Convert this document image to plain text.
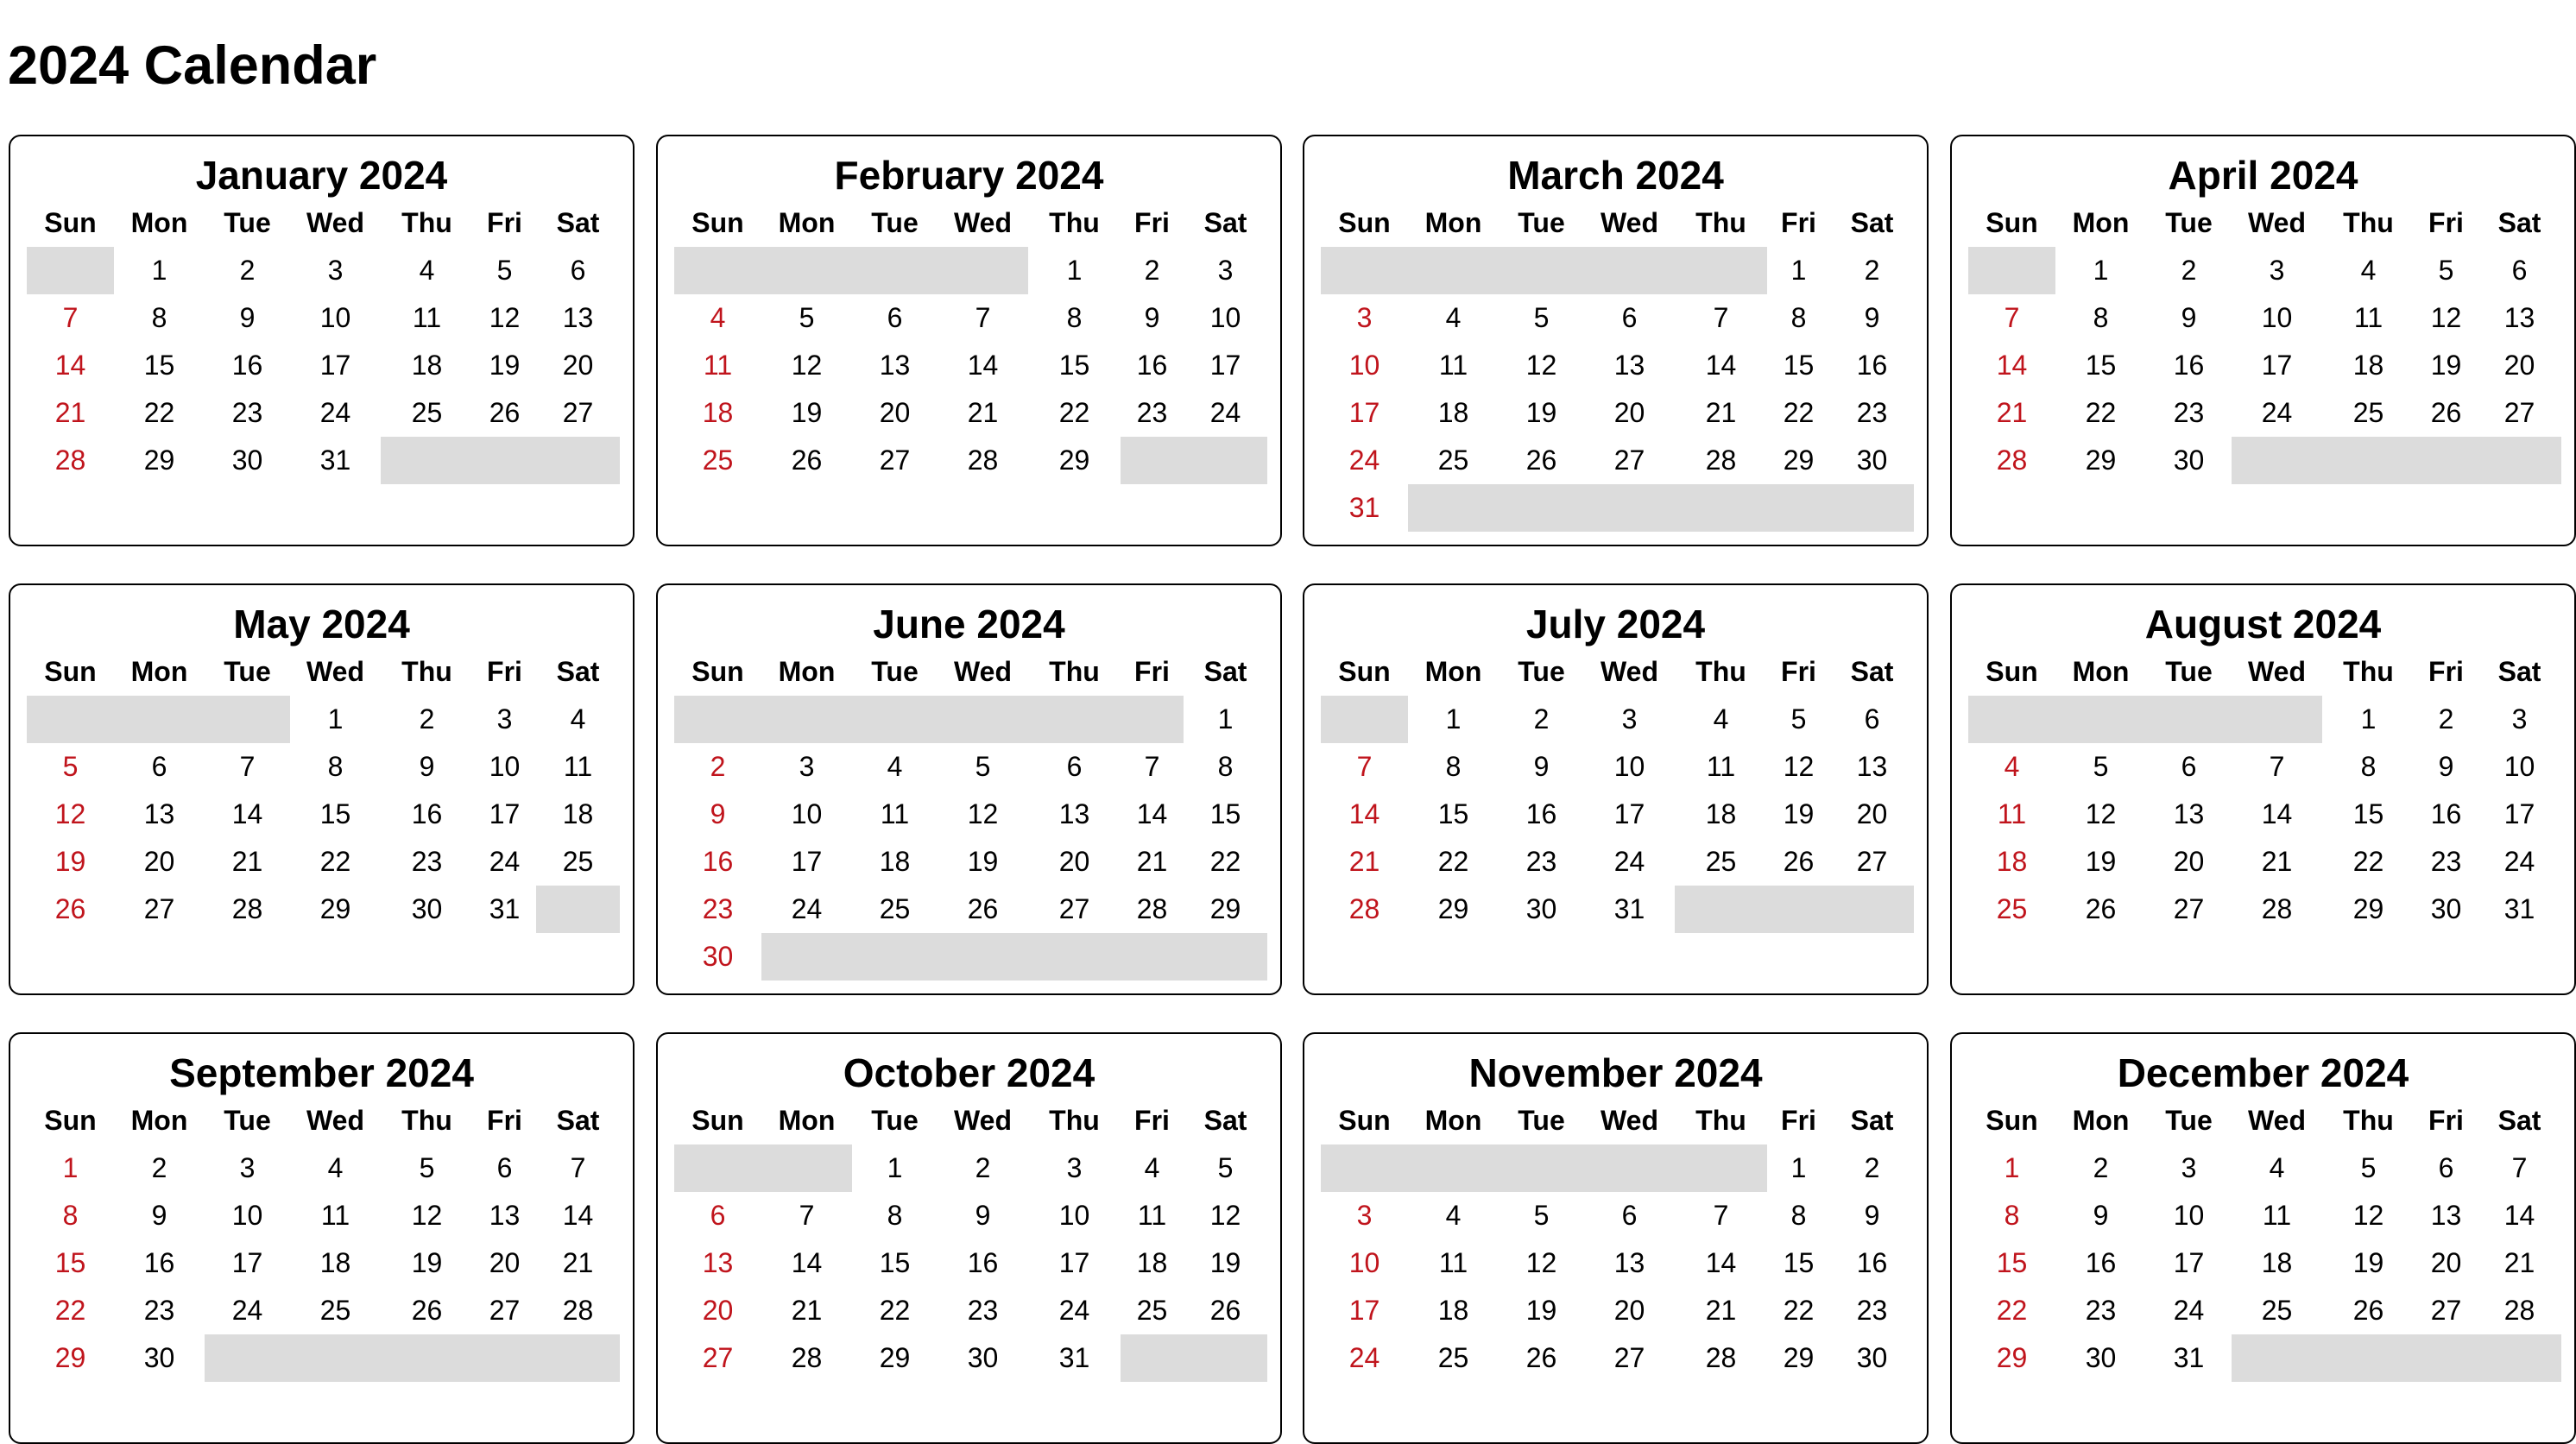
January 2024
Sun	Mon	Tue	Wed	Thu	Fri	Sat
	1	2	3	4	5	6
7	8	9	10	11	12	13
14	15	16	17	18	19	20
21	22	23	24	25	26	27
28	29	30	31			
February 2024
Sun	Mon	Tue	Wed	Thu	Fri	Sat
				1	2	3
4	5	6	7	8	9	10
11	12	13	14	15	16	17
18	19	20	21	22	23	24
25	26	27	28	29		
March 2024
Sun	Mon	Tue	Wed	Thu	Fri	Sat
					1	2
3	4	5	6	7	8	9
10	11	12	13	14	15	16
17	18	19	20	21	22	23
24	25	26	27	28	29	30
31						
April 2024
Sun	Mon	Tue	Wed	Thu	Fri	Sat
	1	2	3	4	5	6
7	8	9	10	11	12	13
14	15	16	17	18	19	20
21	22	23	24	25	26	27
28	29	30				
May 2024
Sun	Mon	Tue	Wed	Thu	Fri	Sat
			1	2	3	4
5	6	7	8	9	10	11
12	13	14	15	16	17	18
19	20	21	22	23	24	25
26	27	28	29	30	31	
June 2024
Sun	Mon	Tue	Wed	Thu	Fri	Sat
						1
2	3	4	5	6	7	8
9	10	11	12	13	14	15
16	17	18	19	20	21	22
23	24	25	26	27	28	29
30						
July 2024
Sun	Mon	Tue	Wed	Thu	Fri	Sat
	1	2	3	4	5	6
7	8	9	10	11	12	13
14	15	16	17	18	19	20
21	22	23	24	25	26	27
28	29	30	31			
August 2024
Sun	Mon	Tue	Wed	Thu	Fri	Sat
				1	2	3
4	5	6	7	8	9	10
11	12	13	14	15	16	17
18	19	20	21	22	23	24
25	26	27	28	29	30	31
September 2024
Sun	Mon	Tue	Wed	Thu	Fri	Sat
1	2	3	4	5	6	7
8	9	10	11	12	13	14
15	16	17	18	19	20	21
22	23	24	25	26	27	28
29	30					
October 2024
Sun	Mon	Tue	Wed	Thu	Fri	Sat
		1	2	3	4	5
6	7	8	9	10	11	12
13	14	15	16	17	18	19
20	21	22	23	24	25	26
27	28	29	30	31		
November 2024
Sun	Mon	Tue	Wed	Thu	Fri	Sat
					1	2
3	4	5	6	7	8	9
10	11	12	13	14	15	16
17	18	19	20	21	22	23
24	25	26	27	28	29	30
December 2024
Sun	Mon	Tue	Wed	Thu	Fri	Sat
1	2	3	4	5	6	7
8	9	10	11	12	13	14
15	16	17	18	19	20	21
22	23	24	25	26	27	28
29	30	31				
2024 Calendar
